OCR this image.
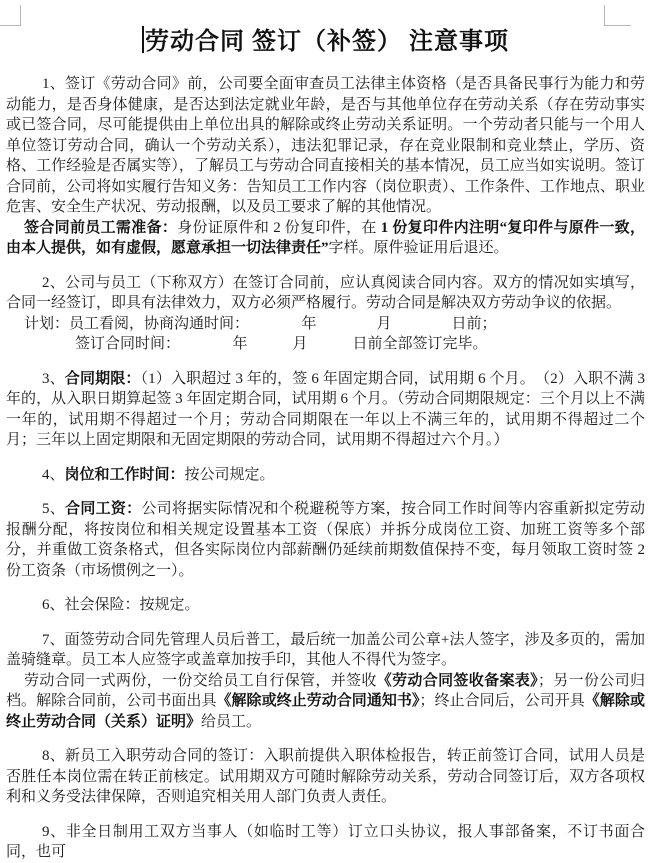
劳动合同 签订（补签） 注意事项

1、签订《劳动合同》前，公司要全面审查员工法律主体资格（是否具备民事行为能力和劳动能力，是否身体健康，是否达到法定就业年龄，是否与其他单位存在劳动关系（存在劳动事实或已签合同，尽可能提供由上单位出具的解除或终止劳动关系证明。一个劳动者只能与一个用人单位签订劳动合同，确认一个劳动关系），违法犯罪记录，存在竞业限制和竞业禁止，学历、资格、工作经验是否属实等），了解员工与劳动合同直接相关的基本情况，员工应当如实说明。签订合同前，公司将如实履行告知义务：告知员工工作内容（岗位职责）、工作条件、工作地点、职业危害、安全生产状况、劳动报酬，以及员工要求了解的其他情况。

签合同前员工需准备：身份证原件和 2 份复印件，在 1 份复印件内注明“复印件与原件一致，由本人提供，如有虚假，愿意承担一切法律责任”字样。原件验证用后退还。

2、公司与员工（下称双方）在签订合同前，应认真阅读合同内容。双方的情况如实填写，合同一经签订，即具有法律效力，双方必须严格履行。劳动合同是解决双方劳动争议的依据。

计划：员工看阅，协商沟通时间：　　　　年　　　　月　　　　日前；

签订合同时间：　　　　年　　　月　　　日前全部签订完毕。

3、合同期限：（1）入职超过 3 年的，签 6 年固定期合同，试用期 6 个月。　（2）入职不满 3 年的，从入职日期算起签 3 年固定期合同，试用期 6 个月。（劳动合同期限规定：三个月以上不满一年的，试用期不得超过一个月；劳动合同期限在一年以上不满三年的，试用期不得超过二个月；三年以上固定期限和无固定期限的劳动合同，试用期不得超过六个月。）

4、岗位和工作时间：按公司规定。

5、合同工资：公司将据实际情况和个税避税等方案，按合同工作时间等内容重新拟定劳动报酬分配，将按岗位和相关规定设置基本工资（保底）并拆分成岗位工资、加班工资等多个部分，并重做工资条格式，但各实际岗位内部薪酬仍延续前期数值保持不变，每月领取工资时签 2 份工资条（市场惯例之一）。

6、社会保险：按规定。

7、面签劳动合同先管理人员后普工，最后统一加盖公司公章+法人签字，涉及多页的，需加盖骑缝章。员工本人应签字或盖章加按手印，其他人不得代为签字。

劳动合同一式两份，一份交给员工自行保管，并签收《劳动合同签收备案表》；另一份公司归档。解除合同前，公司书面出具《解除或终止劳动合同通知书》；终止合同后，公司开具《解除或终止劳动合同（关系）证明》给员工。

8、新员工入职劳动合同的签订：入职前提供入职体检报告，转正前签订合同，试用人员是否胜任本岗位需在转正前核定。试用期双方可随时解除劳动关系，劳动合同签订后，双方各项权利和义务受法律保障，否则追究相关用人部门负责人责任。

9、非全日制用工双方当事人（如临时工等）订立口头协议，报人事部备案，不订书面合同，也可
